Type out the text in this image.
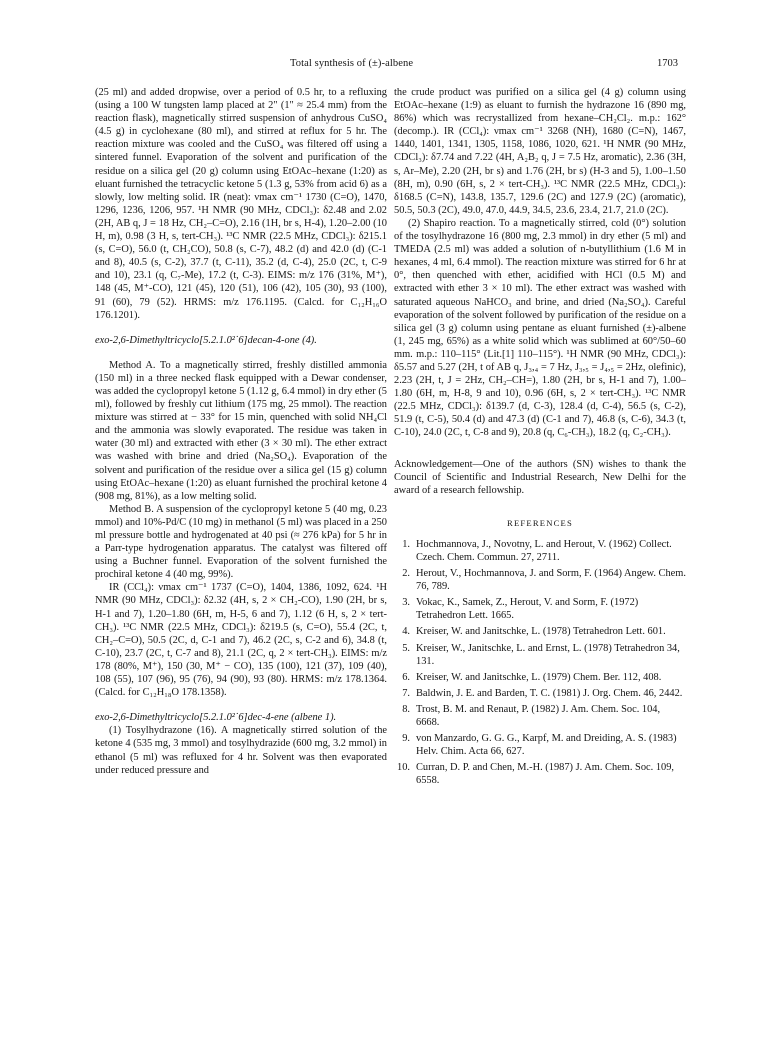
Total synthesis of (±)-albene	1703

(25 ml) and added dropwise, over a period of 0.5 hr, to a refluxing (using a 100 W tungsten lamp placed at 2" (1" ≈ 25.4 mm) from the reaction flask), magnetically stirred suspension of anhydrous CuSO₄ (4.5 g) in cyclohexane (80 ml), and stirred at reflux for 5 hr. The reaction mixture was cooled and the CuSO₄ was filtered off using a sintered funnel. Evaporation of the solvent and purification of the residue on a silica gel (20 g) column using EtOAc–hexane (1:20) as eluant furnished the tetracyclic ketone 5 (1.3 g, 53% from acid 6) as a slowly, low melting solid. IR (neat): νmax cm⁻¹ 1730 (C=O), 1470, 1296, 1236, 1206, 957. ¹H NMR (90 MHz, CDCl₃): δ2.48 and 2.02 (2H, AB q, J = 18 Hz, CH₂–C=O), 2.16 (1H, br s, H-4), 1.20–2.00 (10 H, m), 0.98 (3 H, s, tert-CH₃). ¹³C NMR (22.5 MHz, CDCl₃): δ215.1 (s, C=O), 56.0 (t, CH₂CO), 50.8 (s, C-7), 48.2 (d) and 42.0 (d) (C-1 and 8), 40.5 (s, C-2), 37.7 (t, C-11), 35.2 (d, C-4), 25.0 (2C, t, C-9 and 10), 23.1 (q, C₇-Me), 17.2 (t, C-3). EIMS: m/z 176 (31%, M⁺), 148 (45, M⁺-CO), 121 (45), 120 (51), 106 (42), 105 (30), 93 (100), 91 (60), 79 (52). HRMS: m/z 176.1195. (Calcd. for C₁₂H₁₆O 176.1201).

exo-2,6-Dimethyltricyclo[5.2.1.0²˙6]decan-4-one (4).

Method A. To a magnetically stirred, freshly distilled ammonia (150 ml) in a three necked flask equipped with a Dewar condenser, was added the cyclopropyl ketone 5 (1.12 g, 6.4 mmol) in dry ether (5 ml), followed by freshly cut lithium (175 mg, 25 mmol). The reaction mixture was stirred at − 33° for 15 min, quenched with solid NH₄Cl and the ammonia was slowly evaporated. The residue was taken in water (30 ml) and extracted with ether (3 × 30 ml). The ether extract was washed with brine and dried (Na₂SO₄). Evaporation of the solvent and purification of the residue over a silica gel (15 g) column using EtOAc–hexane (1:20) as eluant furnished the prochiral ketone 4 (908 mg, 81%), as a low melting solid.

Method B. A suspension of the cyclopropyl ketone 5 (40 mg, 0.23 mmol) and 10%-Pd/C (10 mg) in methanol (5 ml) was placed in a 250 ml pressure bottle and hydrogenated at 40 psi (≈ 276 kPa) for 5 hr in a Parr-type hydrogenation apparatus. The catalyst was filtered off using a Buchner funnel. Evaporation of the solvent furnished the prochiral ketone 4 (40 mg, 99%).

IR (CCl₄): νmax cm⁻¹ 1737 (C=O), 1404, 1386, 1092, 624. ¹H NMR (90 MHz, CDCl₃): δ2.32 (4H, s, 2 × CH₂-CO), 1.90 (2H, br s, H-1 and 7), 1.20–1.80 (6H, m, H-5, 6 and 7), 1.12 (6 H, s, 2 × tert-CH₃). ¹³C NMR (22.5 MHz, CDCl₃): δ219.5 (s, C=O), 55.4 (2C, t, CH₂–C=O), 50.5 (2C, d, C-1 and 7), 46.2 (2C, s, C-2 and 6), 34.8 (t, C-10), 23.7 (2C, t, C-7 and 8), 21.1 (2C, q, 2 × tert-CH₃). EIMS: m/z 178 (80%, M⁺), 150 (30, M⁺ − CO), 135 (100), 121 (37), 109 (40), 108 (55), 107 (96), 95 (76), 94 (90), 93 (80). HRMS: m/z 178.1364. (Calcd. for C₁₂H₁₈O 178.1358).

exo-2,6-Dimethyltricyclo[5.2.1.0²˙6]dec-4-ene (albene 1).

(1) Tosylhydrazone (16). A magnetically stirred solution of the ketone 4 (535 mg, 3 mmol) and tosylhydrazide (600 mg, 3.2 mmol) in ethanol (5 ml) was refluxed for 4 hr. Solvent was then evaporated under reduced pressure and

the crude product was purified on a silica gel (4 g) column using EtOAc–hexane (1:9) as eluant to furnish the hydrazone 16 (890 mg, 86%) which was recrystallized from hexane–CH₂Cl₂. m.p.: 162° (decomp.). IR (CCl₄): νmax cm⁻¹ 3268 (NH), 1680 (C=N), 1467, 1440, 1401, 1341, 1305, 1158, 1086, 1020, 621. ¹H NMR (90 MHz, CDCl₃): δ7.74 and 7.22 (4H, A₂B₂ q, J = 7.5 Hz, aromatic), 2.36 (3H, s, Ar–Me), 2.20 (2H, br s) and 1.76 (2H, br s) (H-3 and 5), 1.00–1.50 (8H, m), 0.90 (6H, s, 2 × tert-CH₃). ¹³C NMR (22.5 MHz, CDCl₃): δ168.5 (C=N), 143.8, 135.7, 129.6 (2C) and 127.9 (2C) (aromatic), 50.5, 50.3 (2C), 49.0, 47.0, 44.9, 34.5, 23.6, 23.4, 21.7, 21.0 (2C).

(2) Shapiro reaction. To a magnetically stirred, cold (0°) solution of the tosylhydrazone 16 (800 mg, 2.3 mmol) in dry ether (5 ml) and TMEDA (2.5 ml) was added a solution of n-butyllithium (1.6 M in hexanes, 4 ml, 6.4 mmol). The reaction mixture was stirred for 6 hr at 0°, then quenched with ether, acidified with HCl (0.5 M) and extracted with ether 3 × 10 ml). The ether extract was washed with saturated aqueous NaHCO₃ and brine, and dried (Na₂SO₄). Careful evaporation of the solvent followed by purification of the residue on a silica gel (3 g) column using pentane as eluant furnished (±)-albene (1, 245 mg, 65%) as a white solid which was sublimed at 60°/50–60 mm. m.p.: 110–115° (Lit.[1] 110–115°). ¹H NMR (90 MHz, CDCl₃): δ5.57 and 5.27 (2H, t of AB q, J₃,₄ = 7 Hz, J₃,₅ = J₄,₅ = 2Hz, olefinic), 2.23 (2H, t, J = 2Hz, CH₂–CH=), 1.80 (2H, br s, H-1 and 7), 1.00–1.80 (6H, m, H-8, 9 and 10), 0.96 (6H, s, 2 × tert-CH₃). ¹³C NMR (22.5 MHz, CDCl₃): δ139.7 (d, C-3), 128.4 (d, C-4), 56.5 (s, C-2), 51.9 (t, C-5), 50.4 (d) and 47.3 (d) (C-1 and 7), 46.8 (s, C-6), 34.3 (t, C-10), 24.0 (2C, t, C-8 and 9), 20.8 (q, C₆-CH₃), 18.2 (q, C₂-CH₃).

Acknowledgement—One of the authors (SN) wishes to thank the Council of Scientific and Industrial Research, New Delhi for the award of a research fellowship.

REFERENCES

1. Hochmannova, J., Novotny, L. and Herout, V. (1962) Collect. Czech. Chem. Commun. 27, 2711.
2. Herout, V., Hochmannova, J. and Sorm, F. (1964) Angew. Chem. 76, 789.
3. Vokac, K., Samek, Z., Herout, V. and Sorm, F. (1972) Tetrahedron Lett. 1665.
4. Kreiser, W. and Janitschke, L. (1978) Tetrahedron Lett. 601.
5. Kreiser, W., Janitschke, L. and Ernst, L. (1978) Tetrahedron 34, 131.
6. Kreiser, W. and Janitschke, L. (1979) Chem. Ber. 112, 408.
7. Baldwin, J. E. and Barden, T. C. (1981) J. Org. Chem. 46, 2442.
8. Trost, B. M. and Renaut, P. (1982) J. Am. Chem. Soc. 104, 6668.
9. von Manzardo, G. G. G., Karpf, M. and Dreiding, A. S. (1983) Helv. Chim. Acta 66, 627.
10. Curran, D. P. and Chen, M.-H. (1987) J. Am. Chem. Soc. 109, 6558.
